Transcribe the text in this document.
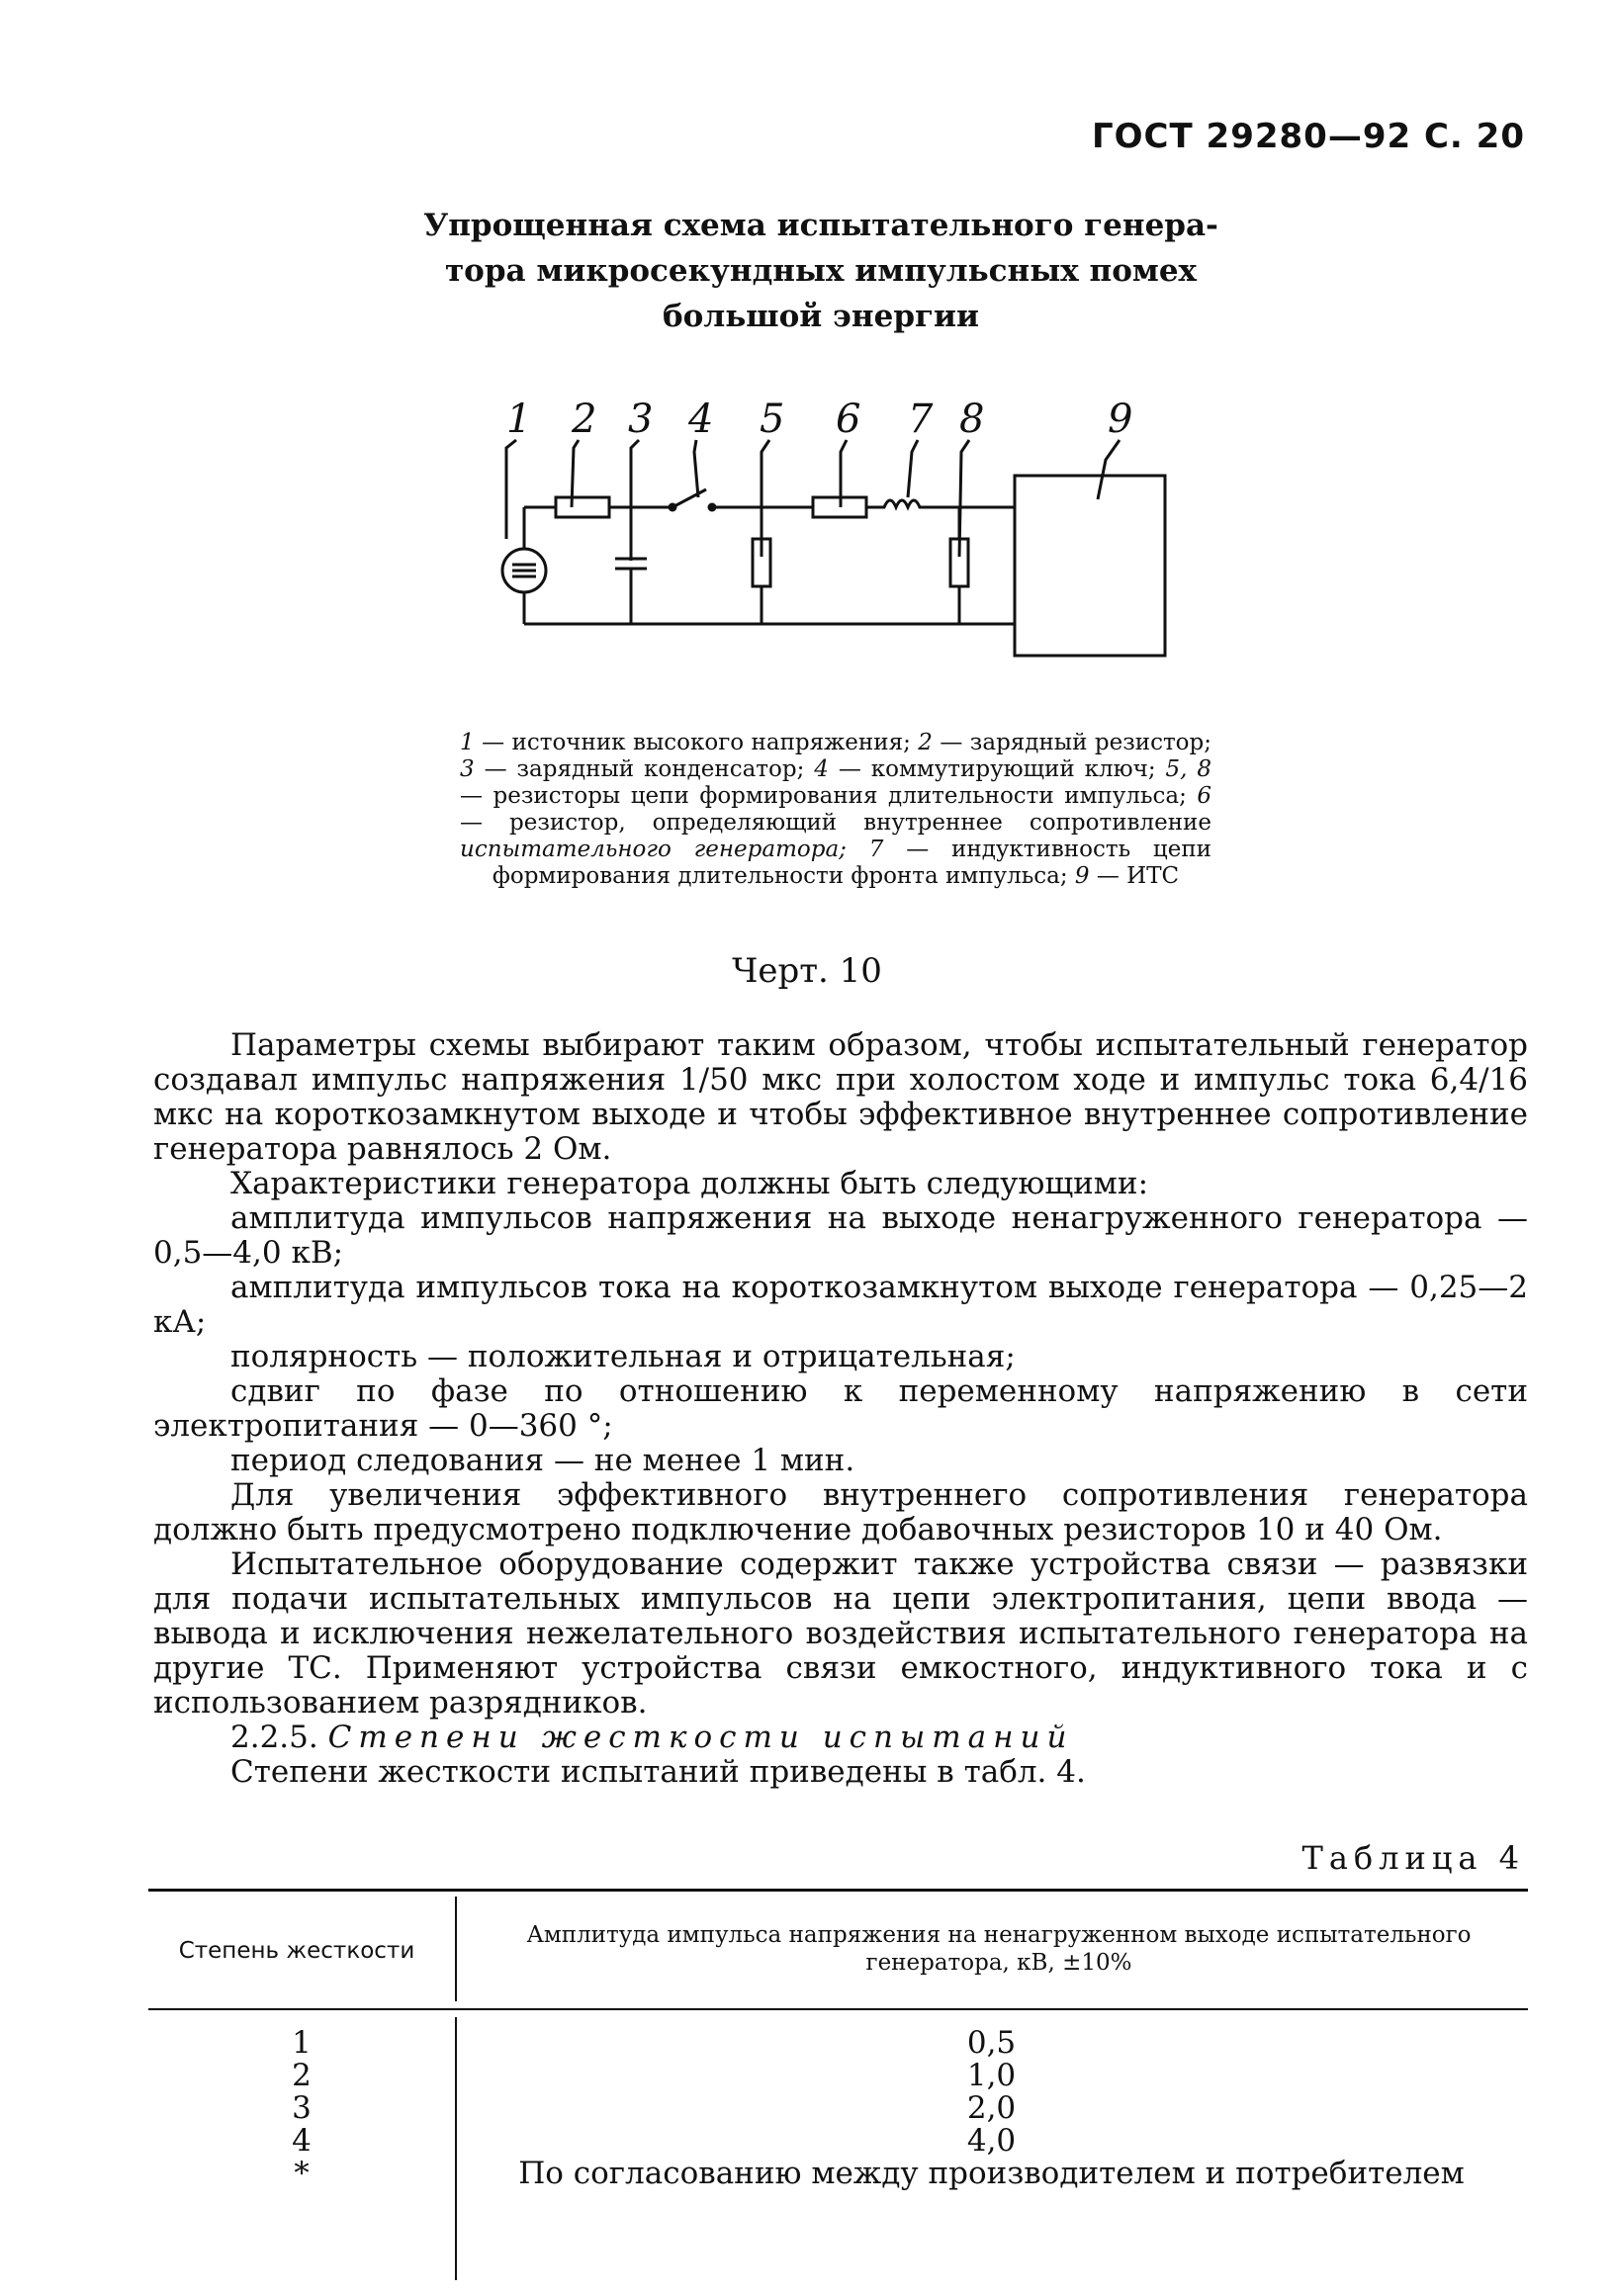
ГОСТ 29280—92 С. 20
Упрощенная схема испытательного генера-
тора микросекундных импульсных помех
большой энергии
1 2 3 4 5 6 7 8	9
1 — источник высокого напряжения; 2 — зарядный резистор; 3 — зарядный конденсатор; 4 — коммутирующий ключ; 5, 8 — резисторы цепи формирования длительности импульса; 6 — резистор, определяющий внутреннее сопротивление испытательного генератора; 7 — индуктивность цепи формирования длительности фронта импульса; 9 — ИТС
Черт. 10

Параметры схемы выбирают таким образом, чтобы испытательный генератор создавал импульс напряжения 1/50 мкс при холостом ходе и импульс тока 6,4/16 мкс на короткозамкнутом выходе и чтобы эффективное внутреннее сопротивление генератора равнялось 2 Ом.

Характеристики генератора должны быть следующими:

амплитуда импульсов напряжения на выходе ненагруженного генератора — 0,5—4,0 кВ;

амплитуда импульсов тока на короткозамкнутом выходе генератора — 0,25—2 кА;

полярность — положительная и отрицательная;

сдвиг по фазе по отношению к переменному напряжению в сети электропитания — 0—360 °;

период следования — не менее 1 мин.

Для увеличения эффективного внутреннего сопротивления генератора должно быть предусмотрено подключение добавочных резисторов 10 и 40 Ом.

Испытательное оборудование содержит также устройства связи — развязки для подачи испытательных импульсов на цепи электропитания, цепи ввода — вывода и исключения нежелательного воздействия испытательного генератора на другие ТС. Применяют устройства связи емкостного, индуктивного тока и с использованием разрядников.

2.2.5. Степени жесткости испытаний

Степени жесткости испытаний приведены в табл. 4.

Таблица 4
Степень жесткости
Амплитуда импульса напряжения на ненагруженном выходе испытательного генератора, кВ, ±10%
1	0,5
2	1,0
3	2,0
4	4,0
*	По согласованию между производителем и потребителем
